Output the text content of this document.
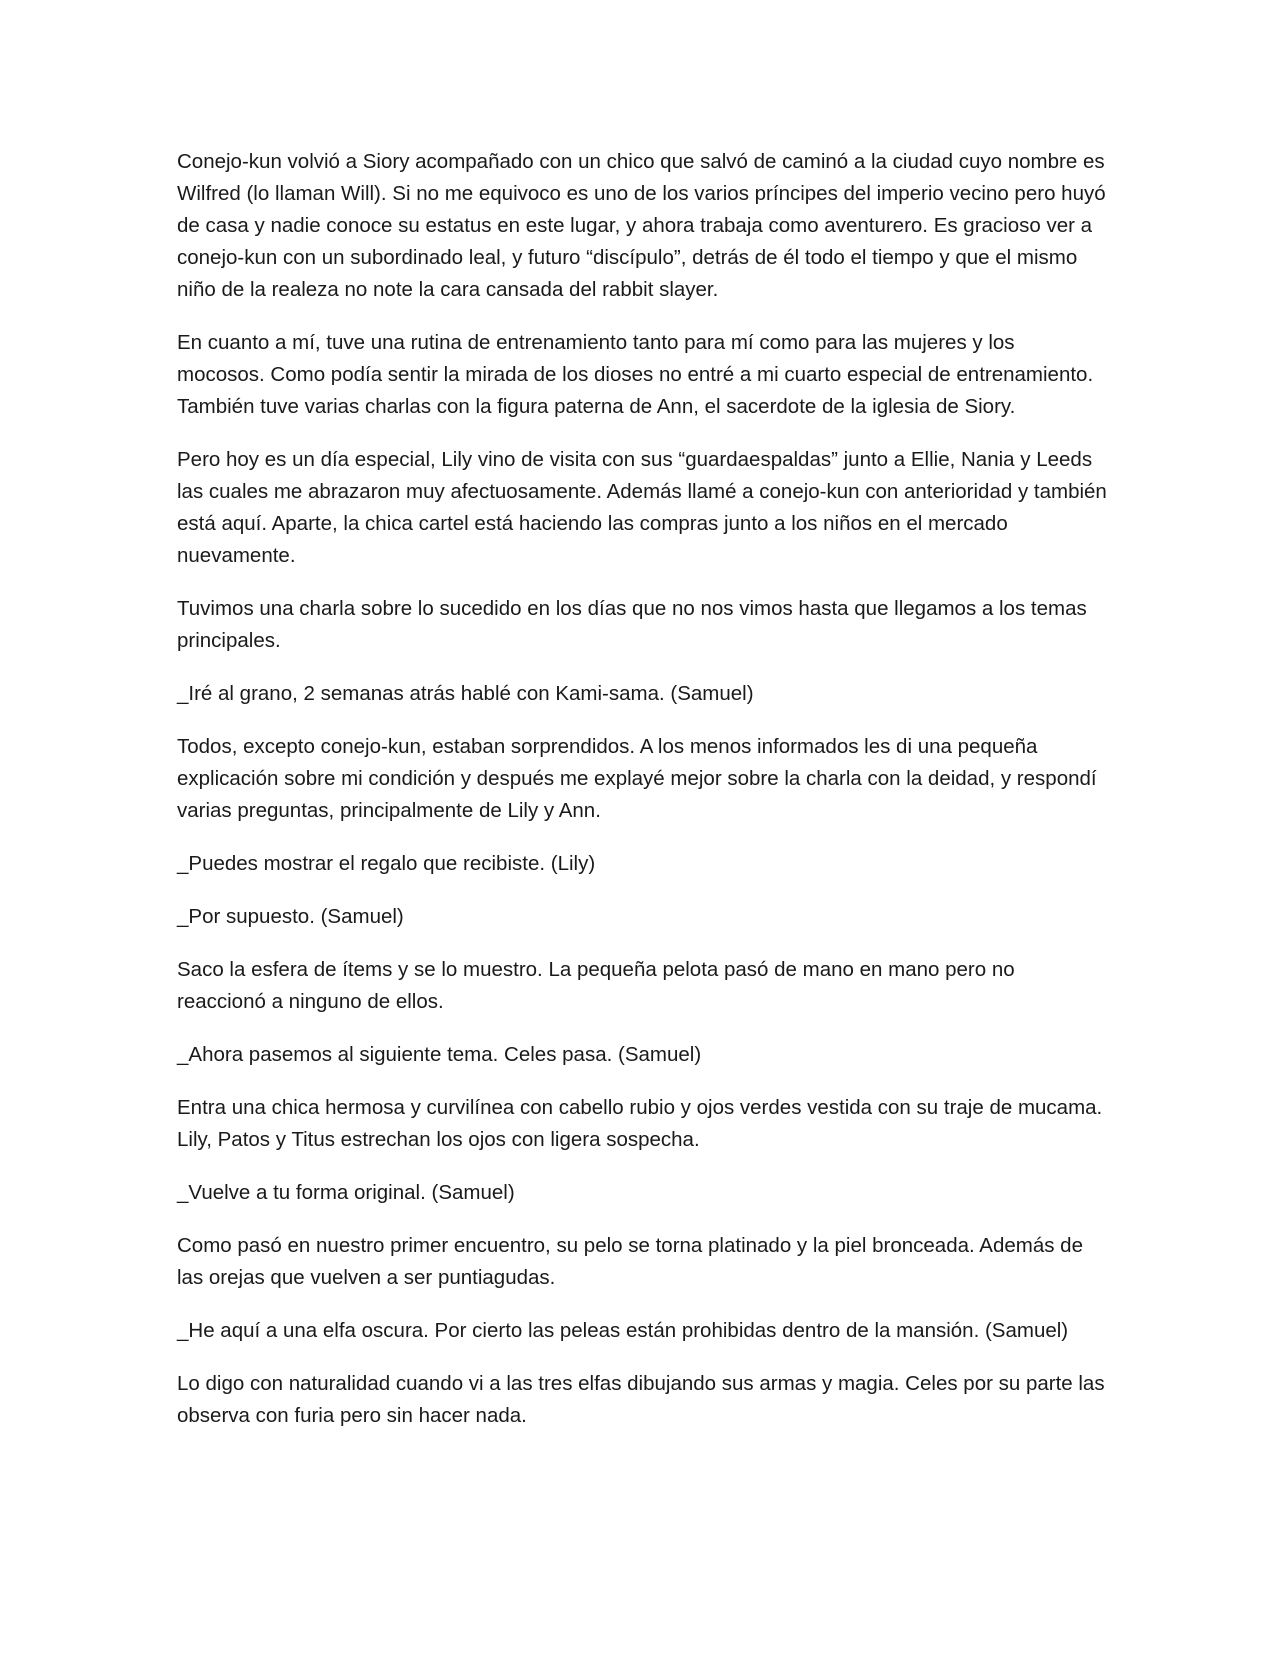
Conejo-kun volvió a Siory acompañado con un chico que salvó de caminó a la ciudad cuyo nombre es Wilfred (lo llaman Will). Si no me equivoco es uno de los varios príncipes del imperio vecino pero huyó de casa y nadie conoce su estatus en este lugar, y ahora trabaja como aventurero. Es gracioso ver a conejo-kun con un subordinado leal, y futuro “discípulo”, detrás de él todo el tiempo y que el mismo niño de la realeza no note la cara cansada del rabbit slayer.

En cuanto a mí, tuve una rutina de entrenamiento tanto para mí como para las mujeres y los mocosos. Como podía sentir la mirada de los dioses no entré a mi cuarto especial de entrenamiento. También tuve varias charlas con la figura paterna de Ann, el sacerdote de la iglesia de Siory.

Pero hoy es un día especial, Lily vino de visita con sus “guardaespaldas” junto a Ellie, Nania y Leeds las cuales me abrazaron muy afectuosamente. Además llamé a conejo-kun con anterioridad y también está aquí. Aparte, la chica cartel está haciendo las compras junto a los niños en el mercado nuevamente.

Tuvimos una charla sobre lo sucedido en los días que no nos vimos hasta que llegamos a los temas principales.

_Iré al grano, 2 semanas atrás hablé con Kami-sama. (Samuel)

Todos, excepto conejo-kun, estaban sorprendidos. A los menos informados les di una pequeña explicación sobre mi condición y después me explayé mejor sobre la charla con la deidad, y respondí varias preguntas, principalmente de Lily y Ann.

_Puedes mostrar el regalo que recibiste. (Lily)

_Por supuesto. (Samuel)

Saco la esfera de ítems y se lo muestro. La pequeña pelota pasó de mano en mano pero no reaccionó a ninguno de ellos.

_Ahora pasemos al siguiente tema. Celes pasa. (Samuel)

Entra una chica hermosa y curvilínea con cabello rubio y ojos verdes vestida con su traje de mucama. Lily, Patos y Titus estrechan los ojos con ligera sospecha.

_Vuelve a tu forma original. (Samuel)

Como pasó en nuestro primer encuentro, su pelo se torna platinado y la piel bronceada. Además de las orejas que vuelven a ser puntiagudas.

_He aquí a una elfa oscura. Por cierto las peleas están prohibidas dentro de la mansión. (Samuel)

Lo digo con naturalidad cuando vi a las tres elfas dibujando sus armas y magia. Celes por su parte las observa con furia pero sin hacer nada.
